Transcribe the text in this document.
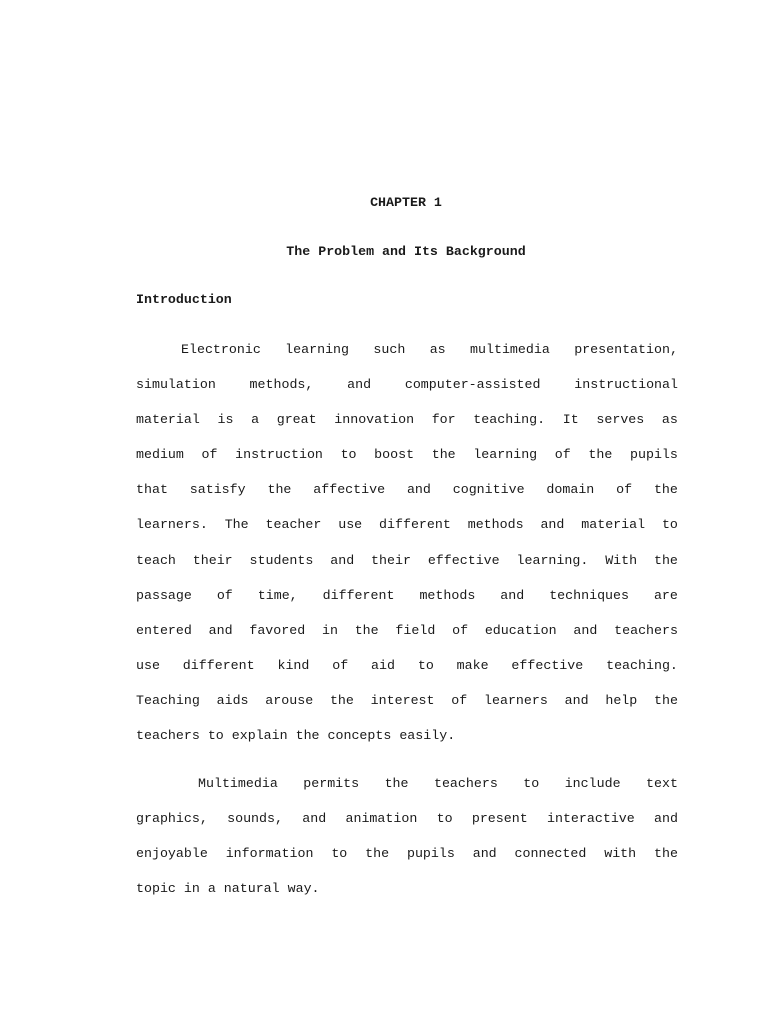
CHAPTER 1
The Problem and Its Background
Introduction
Electronic learning such as multimedia presentation,
simulation	methods,	and	computer-assisted	instructional
material is a great innovation for teaching. It serves as
medium of instruction to boost the learning of the pupils
that satisfy the affective and cognitive domain of the
learners. The teacher use different methods and material to
teach their students and their effective learning. With the
passage of time, different methods and techniques are
entered and favored in the field of education and teachers
use different kind of aid to make effective teaching.
Teaching aids arouse the interest of learners and help the
teachers to explain the concepts easily.
Multimedia permits the teachers to include text
graphics, sounds, and animation to present interactive and
enjoyable information to the pupils and connected with the
topic in a natural way.
